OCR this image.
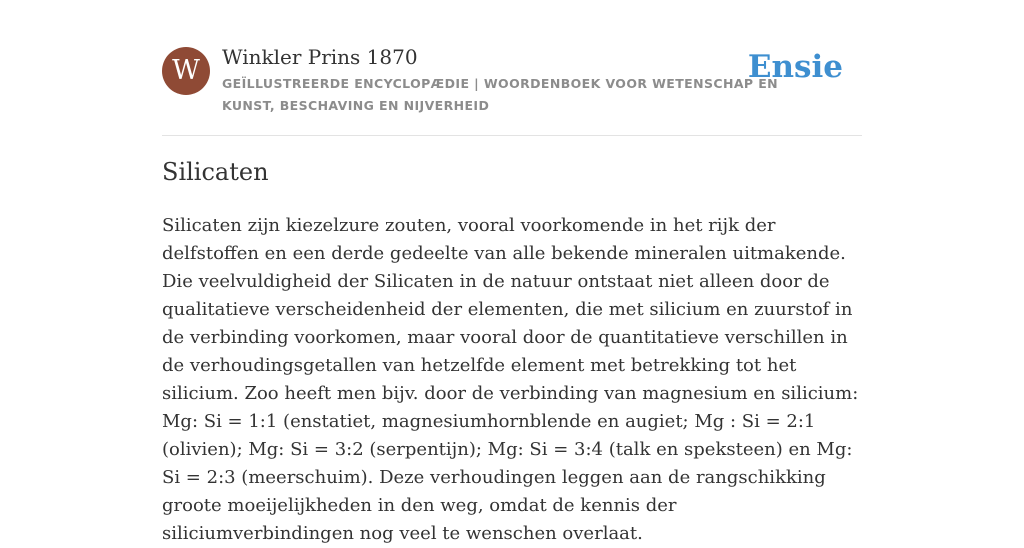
W	Winkler Prins 1870
GEÏLLUSTREERDE ENCYCLOPÆDIE | WOORDENBOEK VOOR WETENSCHAP EN KUNST, BESCHAVING EN NIJVERHEID
Ensie
Silicaten

Silicaten zijn kiezelzure zouten, vooral voorkomende in het rijk der delfstoffen en een derde gedeelte van alle bekende mineralen uitmakende. Die veelvuldigheid der Silicaten in de natuur ontstaat niet alleen door de qualitatieve verscheidenheid der elementen, die met silicium en zuurstof in de verbinding voorkomen, maar vooral door de quantitatieve verschillen in de verhoudingsgetallen van hetzelfde element met betrekking tot het silicium. Zoo heeft men bijv. door de verbinding van magnesium en silicium: Mg: Si = 1:1 (enstatiet, magnesiumhornblende en augiet; Mg : Si = 2:1 (olivien); Mg: Si = 3:2 (serpentijn); Mg: Si = 3:4 (talk en speksteen) en Mg: Si = 2:3 (meerschuim). Deze verhoudingen leggen aan de rangschikking groote moeijelijkheden in den weg, omdat de kennis der siliciumverbindingen nog veel te wenschen overlaat.
